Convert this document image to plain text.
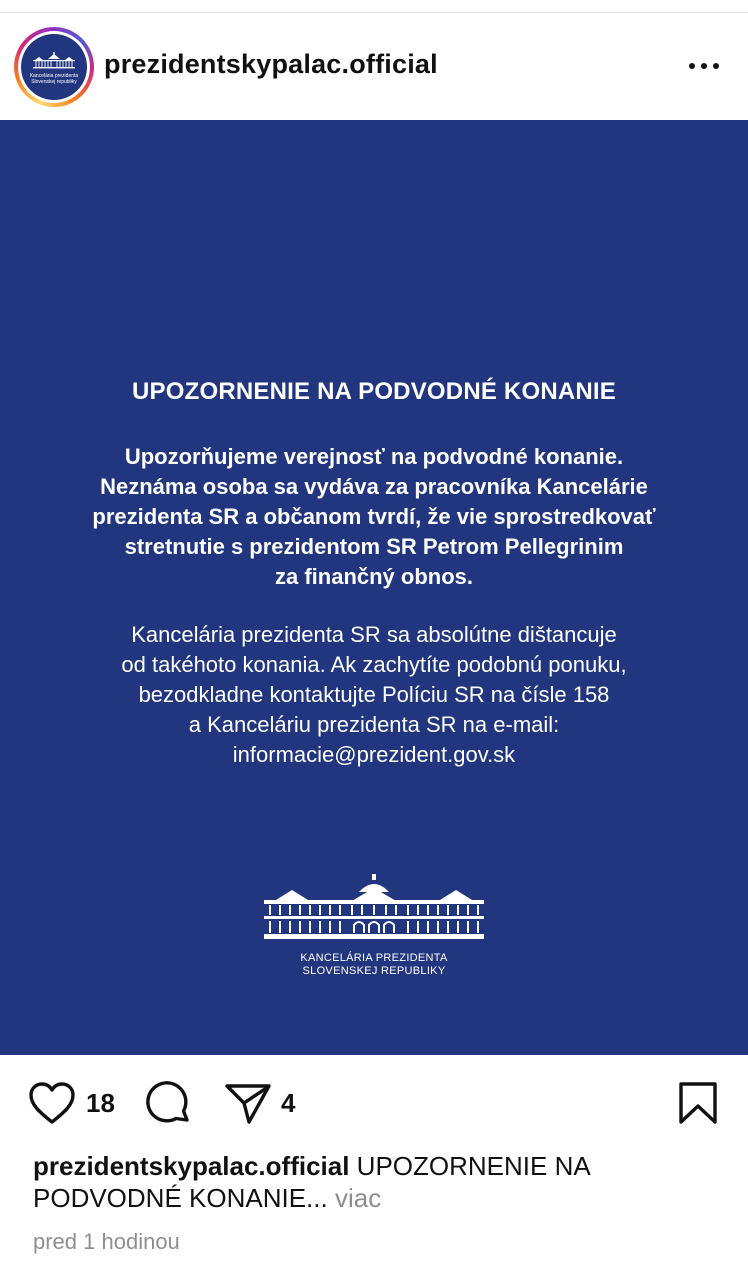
Kancelária prezidenta
Slovenskej republiky
prezidentskypalac.official
UPOZORNENIE NA PODVODNÉ KONANIE
Upozorňujeme verejnosť na podvodné konanie.
Neznáma osoba sa vydáva za pracovníka Kancelárie
prezidenta SR a občanom tvrdí, že vie sprostredkovať
stretnutie s prezidentom SR Petrom Pellegrinim
za finančný obnos.
Kancelária prezidenta SR sa absolútne dištancuje
od takéhoto konania. Ak zachytíte podobnú ponuku,
bezodkladne kontaktujte Políciu SR na čísle 158
a Kanceláriu prezidenta SR na e-mail:
informacie@prezident.gov.sk
KANCELÁRIA PREZIDENTA
SLOVENSKEJ REPUBLIKY
18	4
prezidentskypalac.official UPOZORNENIE NA PODVODNÉ KONANIE... viac
pred 1 hodinou
